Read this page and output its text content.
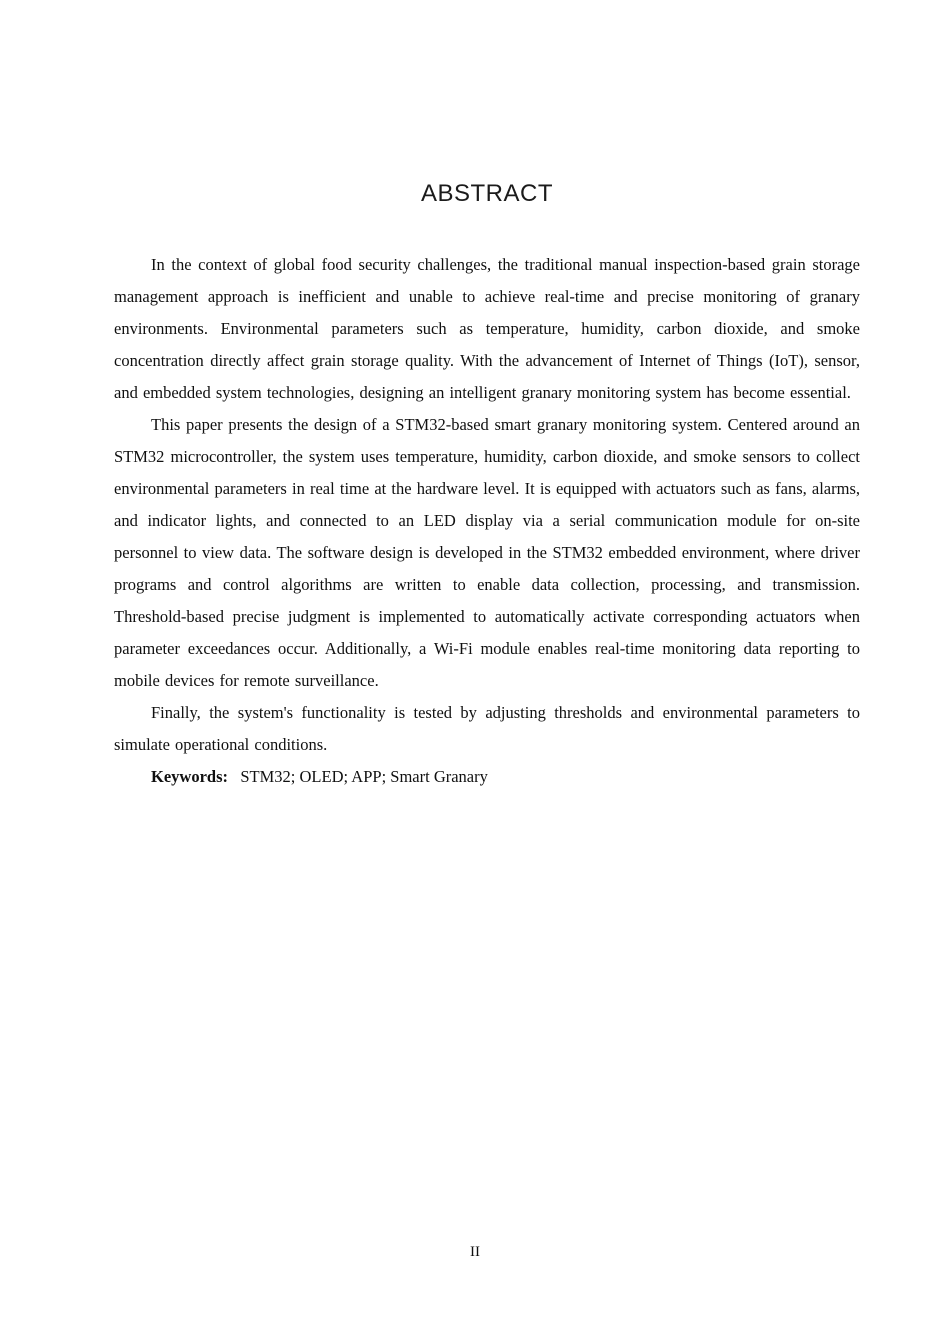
ABSTRACT

In the context of global food security challenges, the traditional manual inspection-based grain storage management approach is inefficient and unable to achieve real-time and precise monitoring of granary environments. Environmental parameters such as temperature, humidity, carbon dioxide, and smoke concentration directly affect grain storage quality. With the advancement of Internet of Things (IoT), sensor, and embedded system technologies, designing an intelligent granary monitoring system has become essential.

This paper presents the design of a STM32-based smart granary monitoring system. Centered around an STM32 microcontroller, the system uses temperature, humidity, carbon dioxide, and smoke sensors to collect environmental parameters in real time at the hardware level. It is equipped with actuators such as fans, alarms, and indicator lights, and connected to an LED display via a serial communication module for on-site personnel to view data. The software design is developed in the STM32 embedded environment, where driver programs and control algorithms are written to enable data collection, processing, and transmission. Threshold-based precise judgment is implemented to automatically activate corresponding actuators when parameter exceedances occur. Additionally, a Wi-Fi module enables real-time monitoring data reporting to mobile devices for remote surveillance.

Finally, the system's functionality is tested by adjusting thresholds and environmental parameters to simulate operational conditions.

Keywords: STM32; OLED; APP; Smart Granary

II
